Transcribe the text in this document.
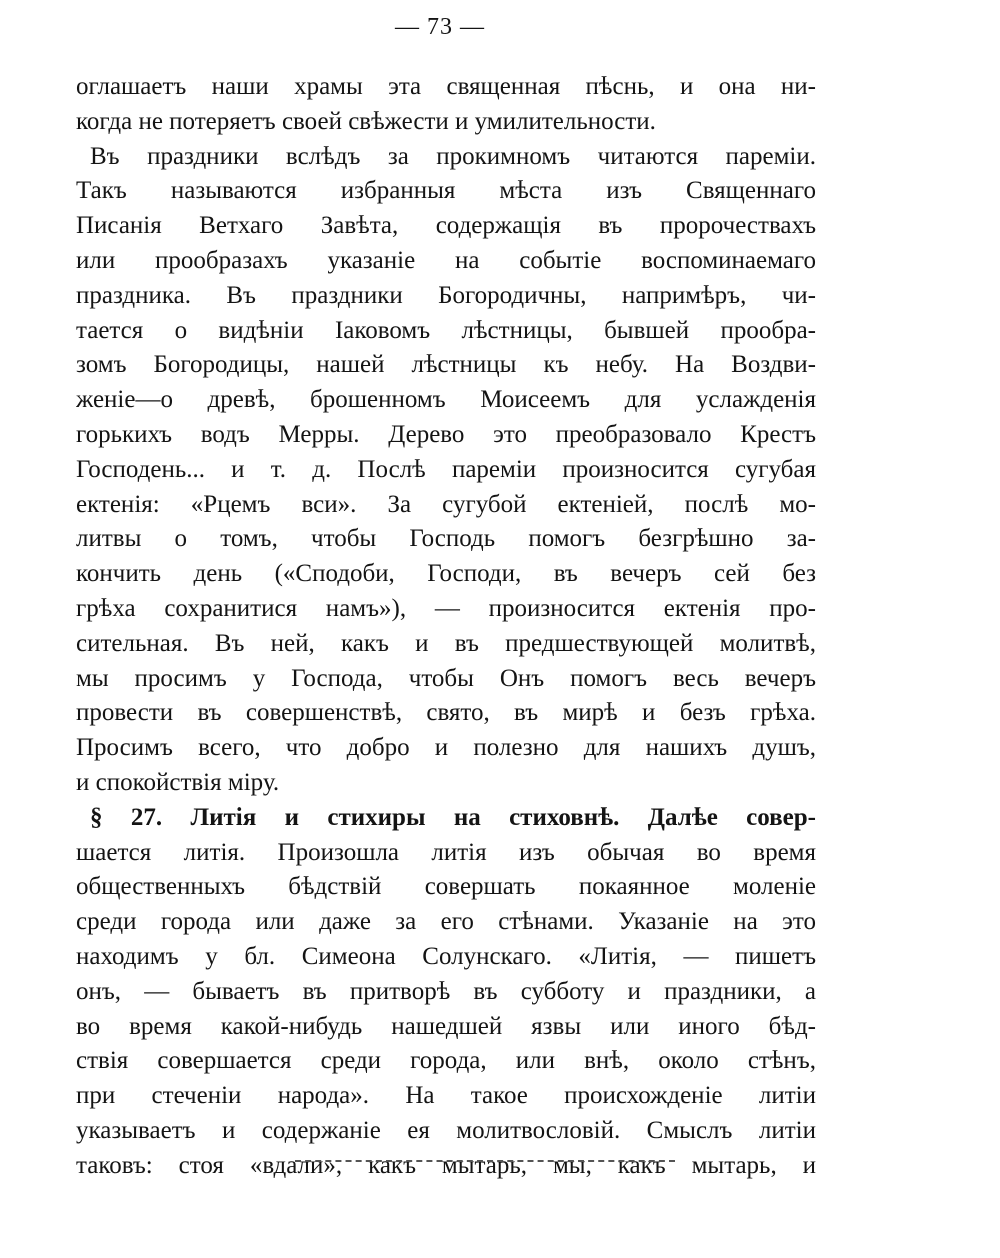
— 73 —
оглашаетъ наши храмы эта священная пѣснь, и она ни-
когда не потеряетъ своей свѣжести и умилительности.
Въ праздники вслѣдъ за прокимномъ читаются пареміи.
Такъ называются избранныя мѣста изъ Священнаго
Писанія Ветхаго Завѣта, содержащія въ пророчествахъ
или прообразахъ указаніе на событіе воспоминаемаго
праздника. Въ праздники Богородичны, напримѣръ, чи-
тается о видѣніи Іаковомъ лѣстницы, бывшей прообра-
зомъ Богородицы, нашей лѣстницы къ небу. На Воздви-
женіе—о древѣ, брошенномъ Моисеемъ для услажденія
горькихъ водъ Мерры. Дерево это преобразовало Крестъ
Господень... и т. д. Послѣ пареміи произносится сугубая
ектенія: «Рцемъ вси». За сугубой ектеніей, послѣ мо-
литвы о томъ, чтобы Господь помогъ безгрѣшно за-
кончить день («Сподоби, Господи, въ вечеръ сей без
грѣха сохранитися намъ»), — произносится ектенія про-
сительная. Въ ней, какъ и въ предшествующей молитвѣ,
мы просимъ у Господа, чтобы Онъ помогъ весь вечеръ
провести въ совершенствѣ, свято, въ мирѣ и безъ грѣха.
Просимъ всего, что добро и полезно для нашихъ душъ,
и спокойствія міру.
§ 27. Литія и стихиры на стиховнѣ. Далѣе совер-
шается литія. Произошла литія изъ обычая во время
общественныхъ бѣдствій совершать покаянное моленіе
среди города или даже за его стѣнами. Указаніе на это
находимъ у бл. Симеона Солунскаго. «Литія, — пишетъ
онъ, — бываетъ въ притворѣ въ субботу и праздники, а
во время какой-нибудь нашедшей язвы или иного бѣд-
ствія совершается среди города, или внѣ, около стѣнъ,
при стеченіи народа». На такое происхожденіе литіи
указываетъ и содержаніе ея молитвословій. Смыслъ литіи
таковъ: стоя «вдали», какъ мытарь, мы, какъ мытарь, и
